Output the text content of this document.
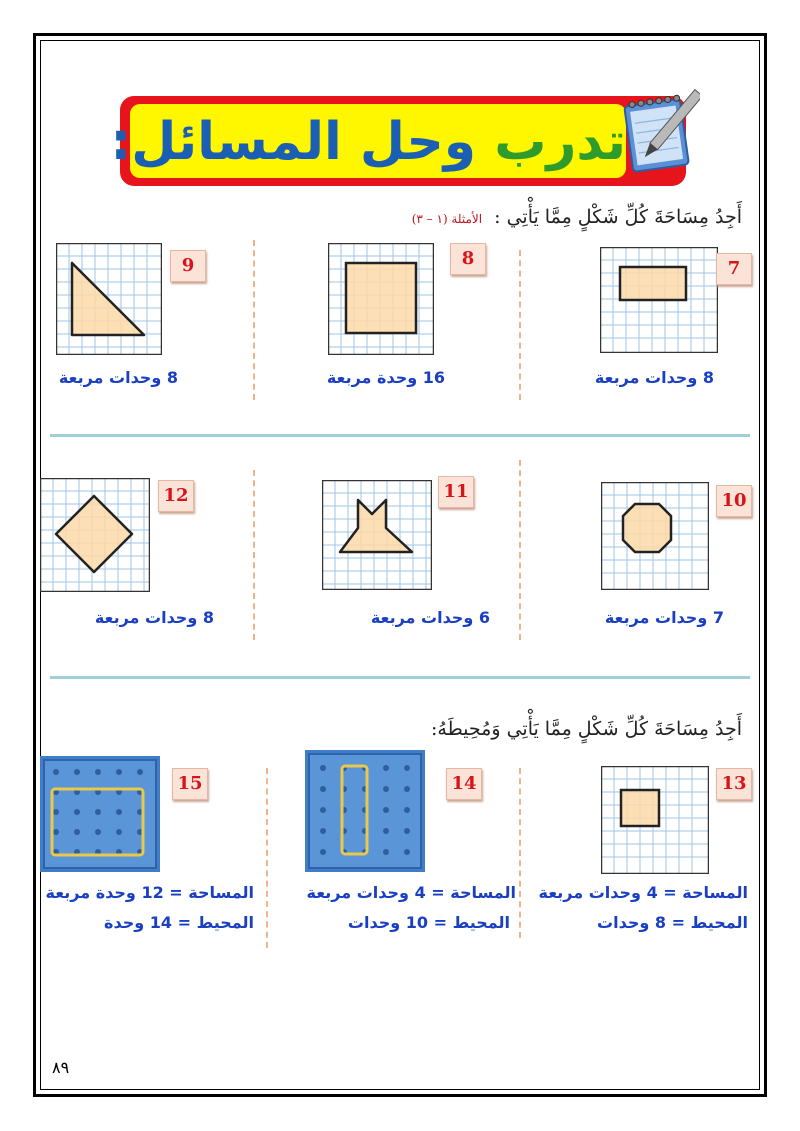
تدرب وحل المسائل:
أَجِدُ مِسَاحَةَ كُلِّ شَكْلٍ مِمَّا يَأْتِي : الأمثلة (١ – ٣)
7
8 وحدات مربعة
8
16 وحدة مربعة
9
8 وحدات مربعة
10
7 وحدات مربعة
11
6 وحدات مربعة
12
8 وحدات مربعة
أَجِدُ مِسَاحَةَ كُلِّ شَكْلٍ مِمَّا يَأْتِي وَمُحِيطَهُ:
13
المساحة = 4 وحدات مربعة
المحيط = 8 وحدات
14
المساحة = 4 وحدات مربعة
المحيط = 10 وحدات
15
المساحة = 12 وحدة مربعة
المحيط = 14 وحدة
٨٩
